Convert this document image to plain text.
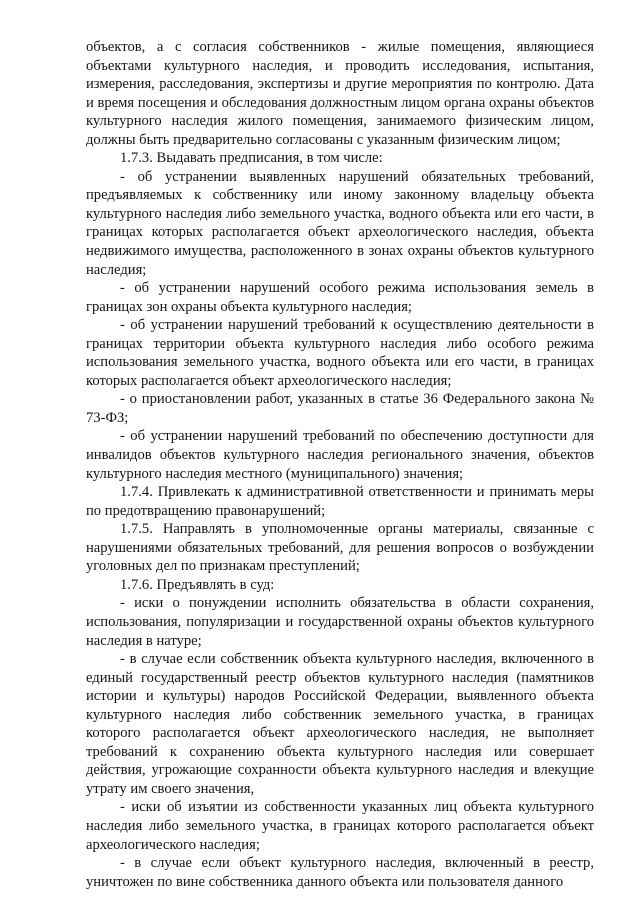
объектов, а с согласия собственников - жилые помещения, являющиеся объектами культурного наследия, и проводить исследования, испытания, измерения, расследования, экспертизы и другие мероприятия по контролю. Дата и время посещения и обследования должностным лицом органа охраны объектов культурного наследия жилого помещения, занимаемого физическим лицом, должны быть предварительно согласованы с указанным физическим лицом;

1.7.3. Выдавать предписания, в том числе:

- об устранении выявленных нарушений обязательных требований, предъявляемых к собственнику или иному законному владельцу объекта культурного наследия либо земельного участка, водного объекта или его части, в границах которых располагается объект археологического наследия, объекта недвижимого имущества, расположенного в зонах охраны объектов культурного наследия;

- об устранении нарушений особого режима использования земель в границах зон охраны объекта культурного наследия;

- об устранении нарушений требований к осуществлению деятельности в границах территории объекта культурного наследия либо особого режима использования земельного участка, водного объекта или его части, в границах которых располагается объект археологического наследия;

- о приостановлении работ, указанных в статье 36 Федерального закона № 73-ФЗ;

- об устранении нарушений требований по обеспечению доступности для инвалидов объектов культурного наследия регионального значения, объектов культурного наследия местного (муниципального) значения;

1.7.4. Привлекать к административной ответственности и принимать меры по предотвращению правонарушений;

1.7.5. Направлять в уполномоченные органы материалы, связанные с нарушениями обязательных требований, для решения вопросов о возбуждении уголовных дел по признакам преступлений;

1.7.6. Предъявлять в суд:

- иски о понуждении исполнить обязательства в области сохранения, использования, популяризации и государственной охраны объектов культурного наследия в натуре;

- в случае если собственник объекта культурного наследия, включенного в единый государственный реестр объектов культурного наследия (памятников истории и культуры) народов Российской Федерации, выявленного объекта культурного наследия либо собственник земельного участка, в границах которого располагается объект археологического наследия, не выполняет требований к сохранению объекта культурного наследия или совершает действия, угрожающие сохранности объекта культурного наследия и влекущие утрату им своего значения,

- иски об изъятии из собственности указанных лиц объекта культурного наследия либо земельного участка, в границах которого располагается объект археологического наследия;

- в случае если объект культурного наследия, включенный в реестр, уничтожен по вине собственника данного объекта или пользователя данного
